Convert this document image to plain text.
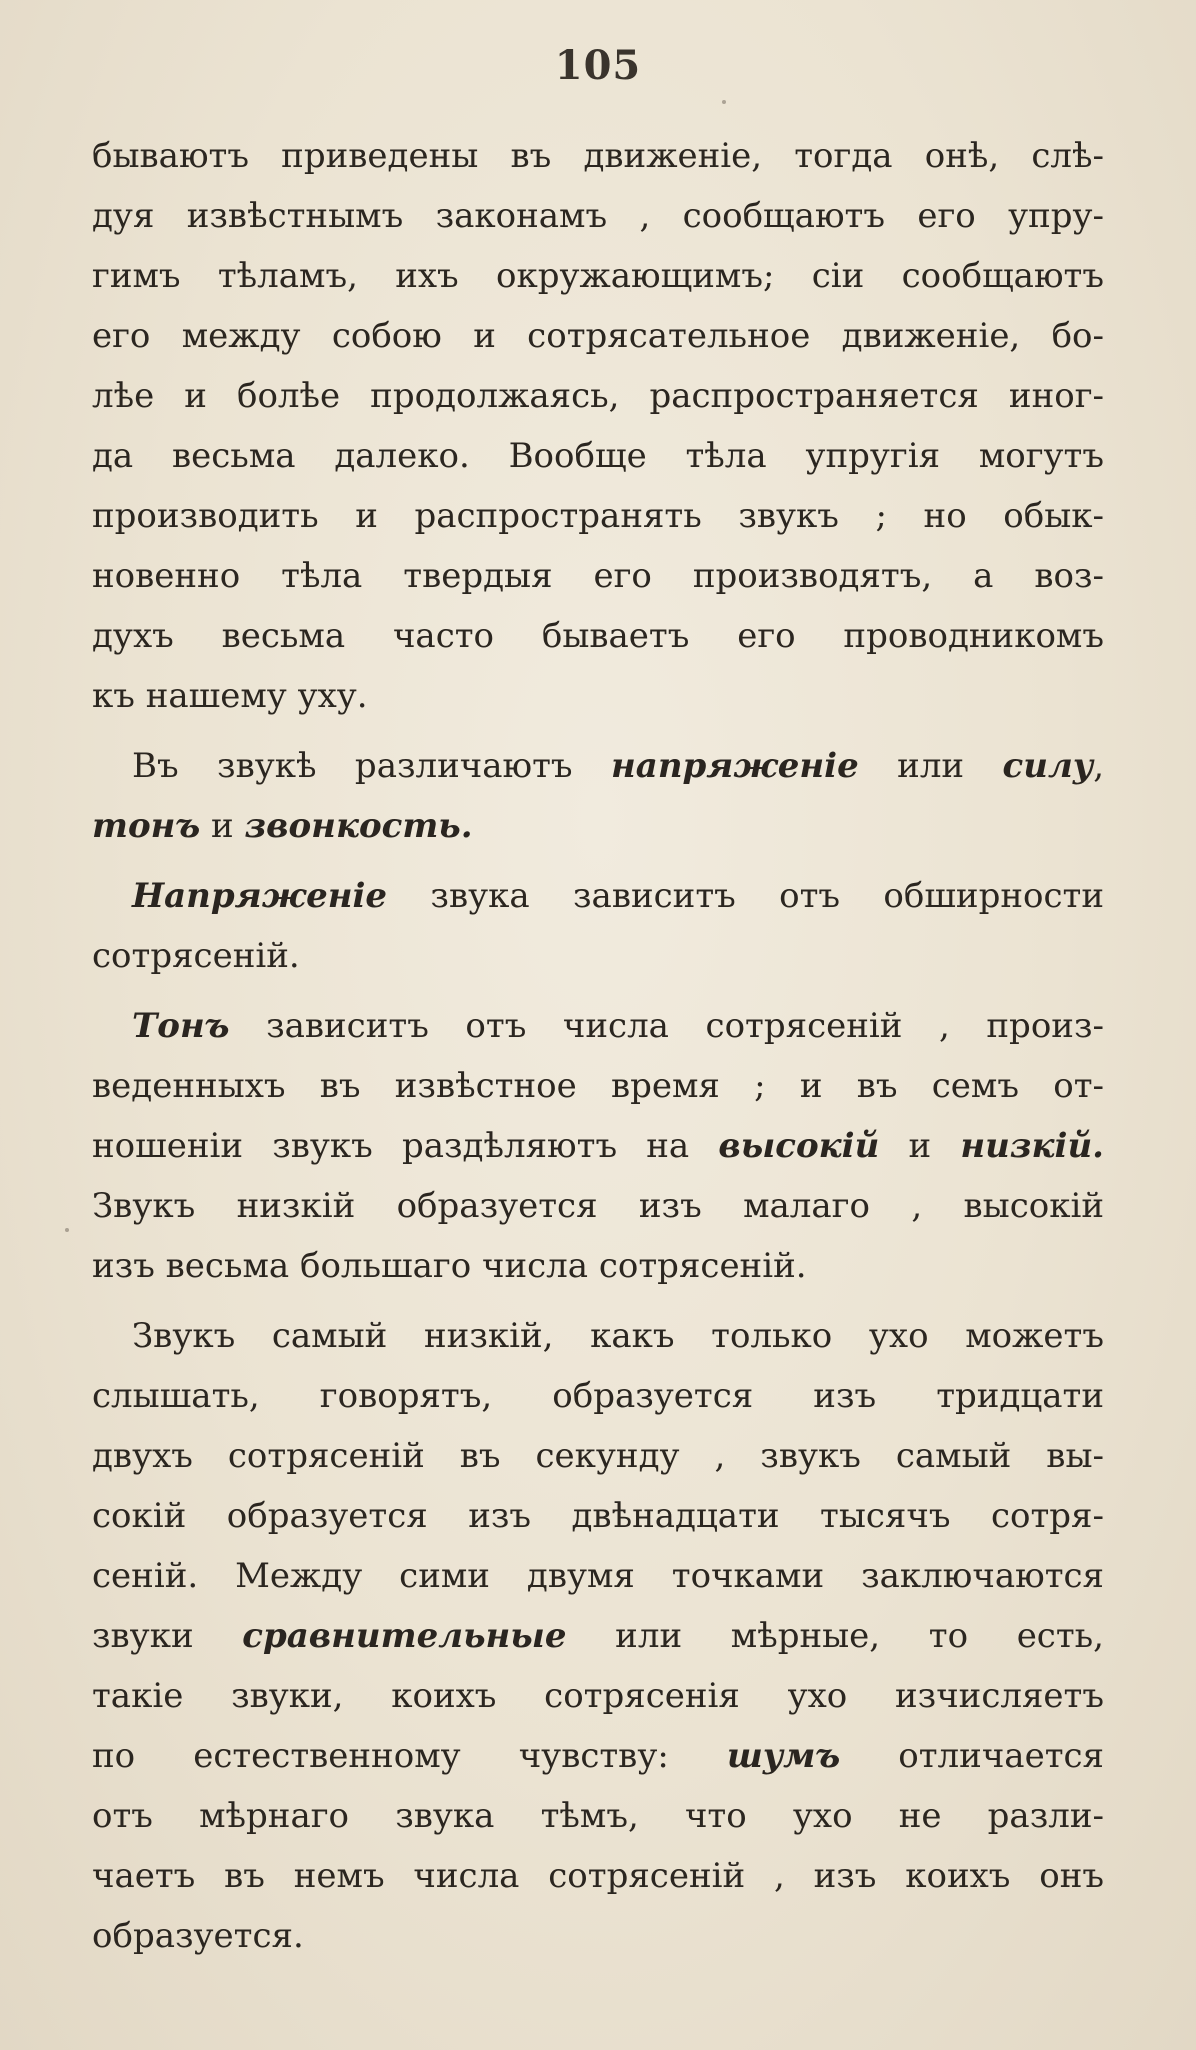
105
бываютъ приведены въ движенiе, тогда онѣ, слѣ-
дуя извѣстнымъ законамъ , сообщаютъ его упру-
гимъ тѣламъ, ихъ окружающимъ; сiи сообщаютъ
его между собою и сотрясательное движенiе, бо-
лѣе и болѣе продолжаясь, распространяется иног-
да весьма далеко. Вообще тѣла упругiя могутъ
производить и распространять звукъ ; но обык-
новенно тѣла твердыя его производятъ, а воз-
духъ весьма часто бываетъ его проводникомъ
къ нашему уху.
Въ звукѣ различаютъ напряженiе или силу,
тонъ и звонкость.
Напряженiе звука зависитъ отъ обширности
сотрясенiй.
Тонъ зависитъ отъ числа сотрясенiй , произ-
веденныхъ въ извѣстное время ; и въ семъ от-
ношенiи звукъ раздѣляютъ на высокiй и низкiй.
Звукъ низкiй образуется изъ малаго , высокiй
изъ весьма большаго числа сотрясенiй.
Звукъ самый низкiй, какъ только ухо можетъ
слышать, говорятъ, образуется изъ тридцати
двухъ сотрясенiй въ секунду , звукъ самый вы-
сокiй образуется изъ двѣнадцати тысячъ сотря-
сенiй. Между сими двумя точками заключаются
звуки сравнительные или мѣрные, то есть,
такiе звуки, коихъ сотрясенiя ухо изчисляетъ
по естественному чувству: шумъ отличается
отъ мѣрнаго звука тѣмъ, что ухо не разли-
чаетъ въ немъ числа сотрясенiй , изъ коихъ онъ
образуется.
